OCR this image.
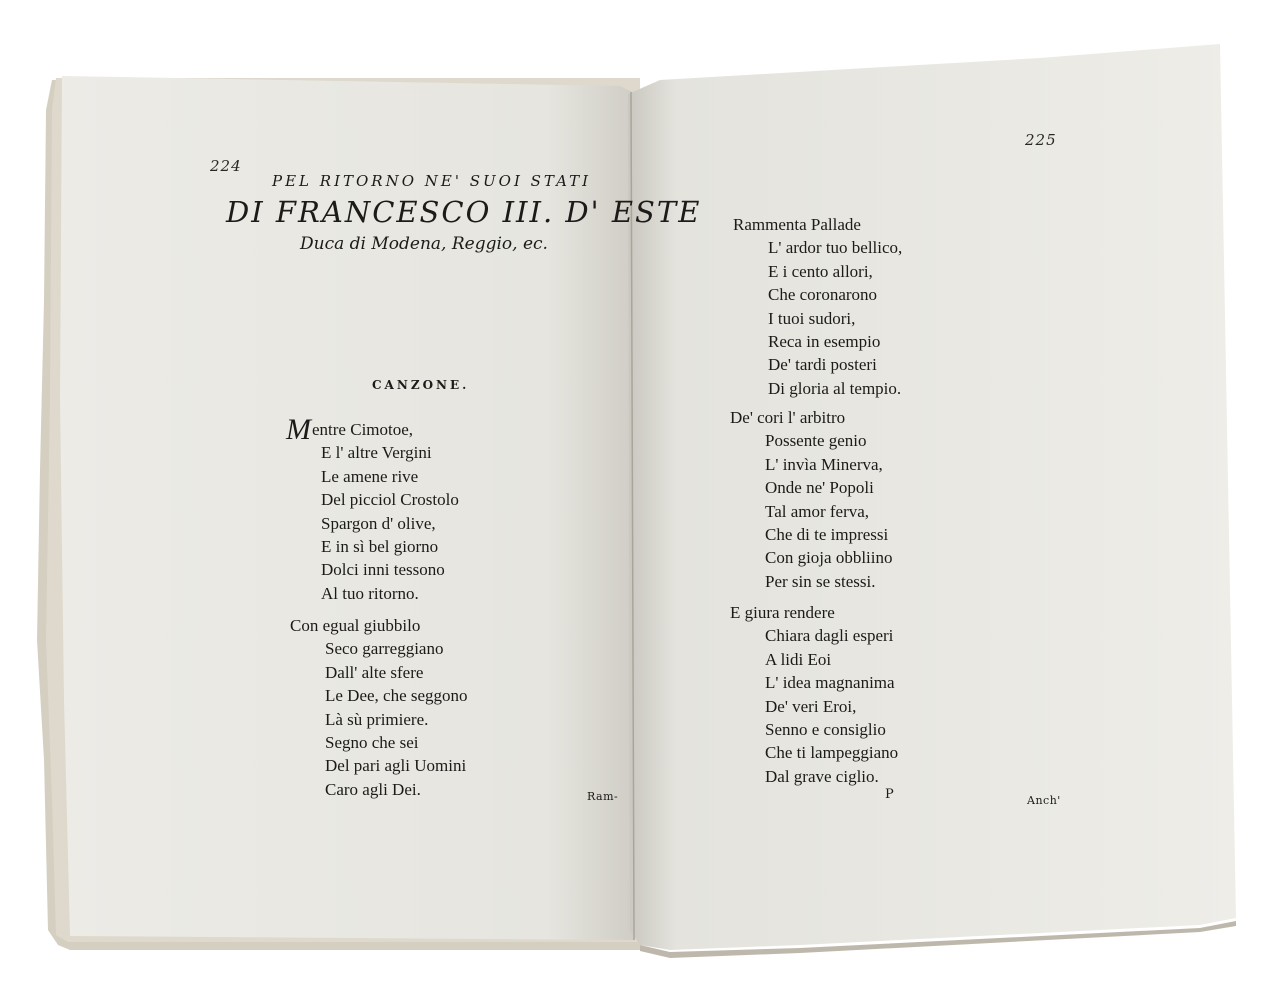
224
PEL RITORNO NE' SUOI STATI
DI FRANCESCO III. D' ESTE
Duca di Modena, Reggio, ec.
CANZONE.
Mentre Cimotoe,
E l' altre Vergini
Le amene rive
Del picciol Crostolo
Spargon d' olive,
E in sì bel giorno
Dolci inni tessono
Al tuo ritorno.
Con egual giubbilo
Seco garreggiano
Dall' alte sfere
Le Dee, che seggono
Là sù primiere.
Segno che sei
Del pari agli Uomini
Caro agli Dei.	Ram-
225
Rammenta Pallade
L' ardor tuo bellico,
E i cento allori,
Che coronarono
I tuoi sudori,
Reca in esempio
De' tardi posteri
Di gloria al tempio.
De' cori l' arbitro
Possente genio
L' invìa Minerva,
Onde ne' Popoli
Tal amor ferva,
Che di te impressi
Con gioja obbliino
Per sin se stessi.
E giura rendere
Chiara dagli esperi
A lidi Eoi
L' idea magnanima
De' veri Eroi,
Senno e consiglio
Che ti lampeggiano
Dal grave ciglio.
P	Anch'
